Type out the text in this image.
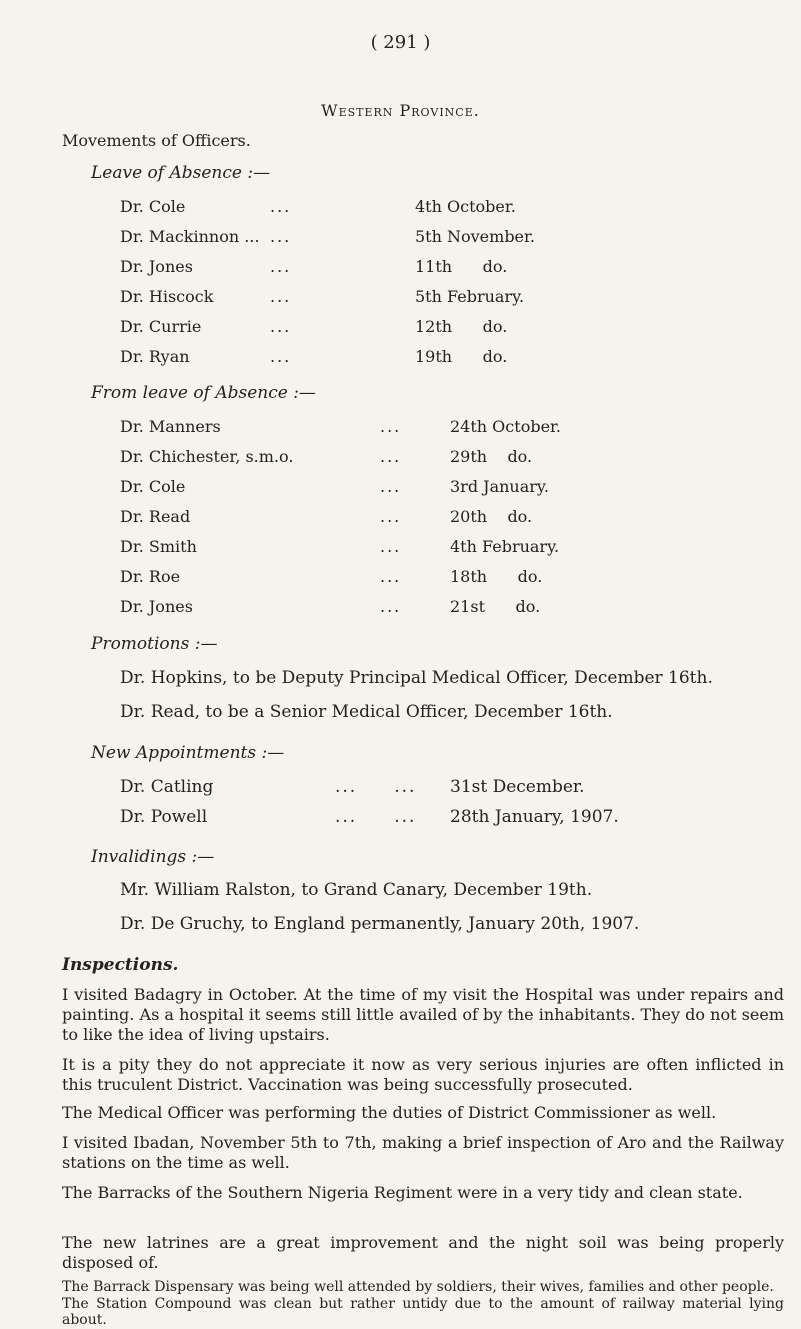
( 291 )
Western Province.
Movements of Officers.
Leave of Absence :—
Dr. Cole	...	4th October.
Dr. Mackinnon ... ...	5th November.
Dr. Jones	...	11th      do.
Dr. Hiscock	...	5th February.
Dr. Currie	...	12th      do.
Dr. Ryan	...	19th      do.
From leave of Absence :—
Dr. Manners	...	24th October.
Dr. Chichester, s.m.o.	...	29th    do.
Dr. Cole	...	3rd January.
Dr. Read	...	20th    do.
Dr. Smith	...	4th February.
Dr. Roe	...	18th      do.
Dr. Jones	...	21st      do.
Promotions :—
Dr. Hopkins, to be Deputy Principal Medical Officer, December 16th.
Dr. Read, to be a Senior Medical Officer, December 16th.
New Appointments :—
Dr. Catling	...     ... 31st December.
Dr. Powell	...     ... 28th January, 1907.
Invalidings :—
Mr. William Ralston, to Grand Canary, December 19th.
Dr. De Gruchy, to England permanently, January 20th, 1907.
Inspections.
I visited Badagry in October. At the time of my visit the Hospital was under repairs and painting. As a hospital it seems still little availed of by the inhabitants. They do not seem to like the idea of living upstairs.
It is a pity they do not appreciate it now as very serious injuries are often inflicted in this truculent District. Vaccination was being successfully prosecuted.
The Medical Officer was performing the duties of District Commissioner as well.
I visited Ibadan, November 5th to 7th, making a brief inspection of Aro and the Railway stations on the time as well.
The Barracks of the Southern Nigeria Regiment were in a very tidy and clean state.
The new latrines are a great improvement and the night soil was being properly disposed of.
The Barrack Dispensary was being well attended by soldiers, their wives, families and other people.
The Station Compound was clean but rather untidy due to the amount of railway material lying about.
